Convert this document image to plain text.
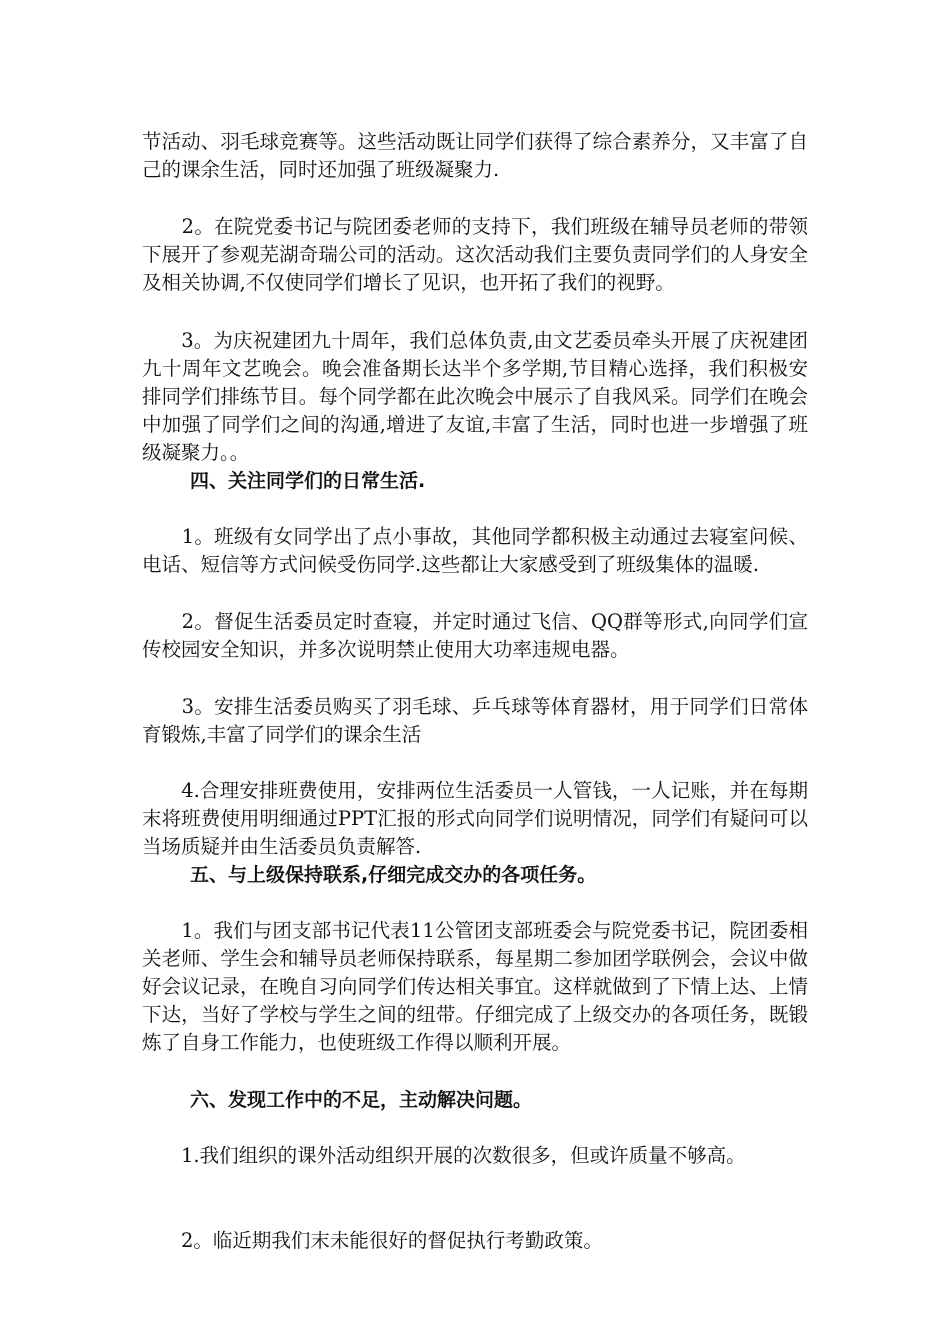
节活动、羽毛球竞赛等。这些活动既让同学们获得了综合素养分，又丰富了自己的课余生活，同时还加强了班级凝聚力.

　　2。在院党委书记与院团委老师的支持下，我们班级在辅导员老师的带领下展开了参观芜湖奇瑞公司的活动。这次活动我们主要负责同学们的人身安全及相关协调,不仅使同学们增长了见识，也开拓了我们的视野。

　　3。为庆祝建团九十周年，我们总体负责,由文艺委员牵头开展了庆祝建团九十周年文艺晚会。晚会准备期长达半个多学期,节目精心选择，我们积极安排同学们排练节目。每个同学都在此次晚会中展示了自我风采。同学们在晚会中加强了同学们之间的沟通,增进了友谊,丰富了生活，同时也进一步增强了班级凝聚力。。

四、关注同学们的日常生活.

　　1。班级有女同学出了点小事故，其他同学都积极主动通过去寝室问候、电话、短信等方式问候受伤同学.这些都让大家感受到了班级集体的温暖.

　　2。督促生活委员定时查寝，并定时通过飞信、QQ群等形式,向同学们宣传校园安全知识，并多次说明禁止使用大功率违规电器。

　　3。安排生活委员购买了羽毛球、乒乓球等体育器材，用于同学们日常体育锻炼,丰富了同学们的课余生活

　　4.合理安排班费使用，安排两位生活委员一人管钱，一人记账，并在每期末将班费使用明细通过PPT汇报的形式向同学们说明情况，同学们有疑问可以当场质疑并由生活委员负责解答.

五、与上级保持联系,仔细完成交办的各项任务。

　　1。我们与团支部书记代表11公管团支部班委会与院党委书记，院团委相关老师、学生会和辅导员老师保持联系，每星期二参加团学联例会，会议中做好会议记录，在晚自习向同学们传达相关事宜。这样就做到了下情上达、上情下达，当好了学校与学生之间的纽带。仔细完成了上级交办的各项任务，既锻炼了自身工作能力，也使班级工作得以顺利开展。

六、发现工作中的不足，主动解决问题。

　　1.我们组织的课外活动组织开展的次数很多，但或许质量不够高。

　　2。临近期我们末未能很好的督促执行考勤政策。
